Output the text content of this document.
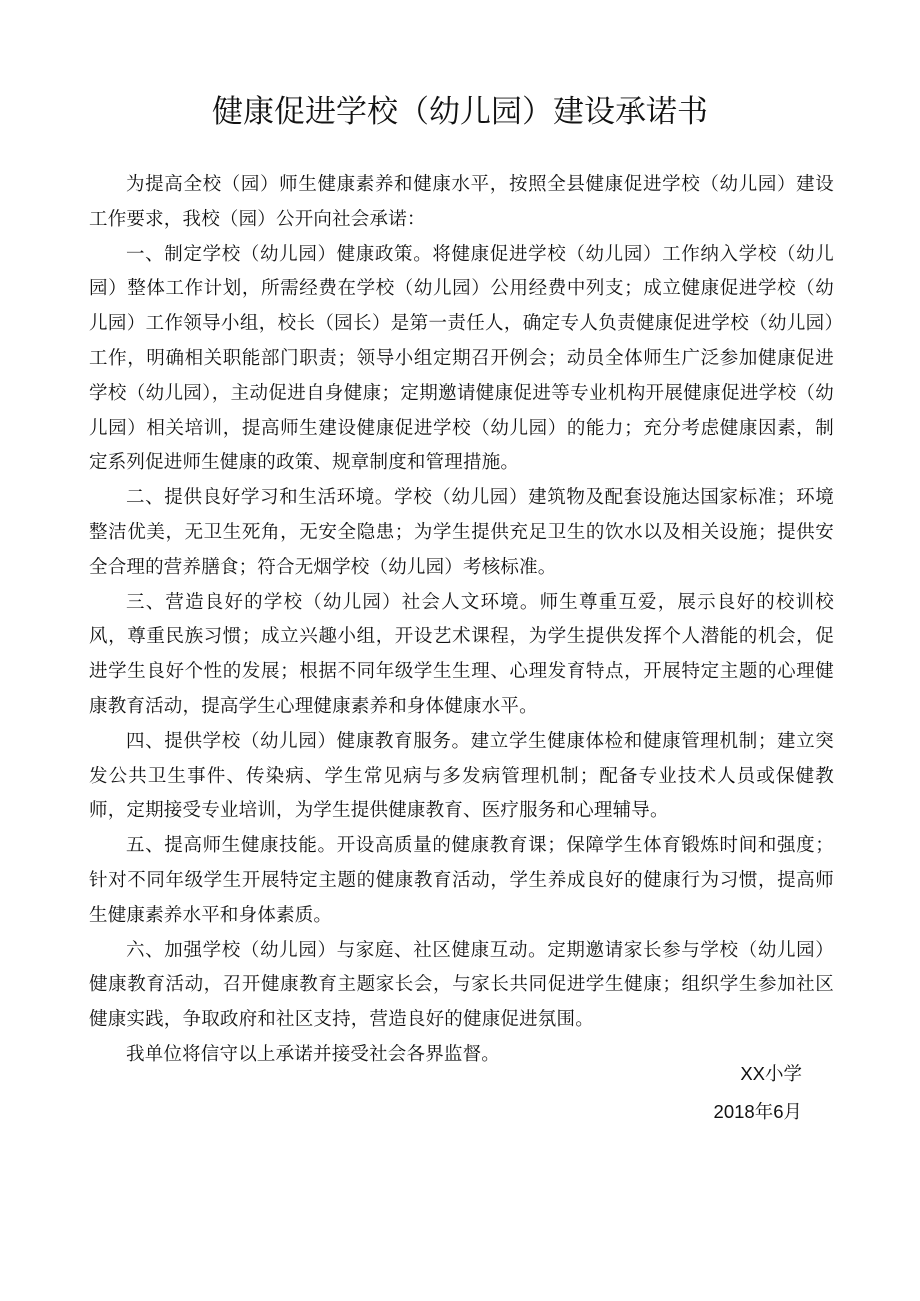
健康促进学校（幼儿园）建设承诺书

为提高全校（园）师生健康素养和健康水平，按照全县健康促进学校（幼儿园）建设工作要求，我校（园）公开向社会承诺：

一、制定学校（幼儿园）健康政策。将健康促进学校（幼儿园）工作纳入学校（幼儿园）整体工作计划，所需经费在学校（幼儿园）公用经费中列支；成立健康促进学校（幼儿园）工作领导小组，校长（园长）是第一责任人，确定专人负责健康促进学校（幼儿园）工作，明确相关职能部门职责；领导小组定期召开例会；动员全体师生广泛参加健康促进学校（幼儿园），主动促进自身健康；定期邀请健康促进等专业机构开展健康促进学校（幼儿园）相关培训，提高师生建设健康促进学校（幼儿园）的能力；充分考虑健康因素，制定系列促进师生健康的政策、规章制度和管理措施。

二、提供良好学习和生活环境。学校（幼儿园）建筑物及配套设施达国家标准；环境整洁优美，无卫生死角，无安全隐患；为学生提供充足卫生的饮水以及相关设施；提供安全合理的营养膳食；符合无烟学校（幼儿园）考核标准。

三、营造良好的学校（幼儿园）社会人文环境。师生尊重互爱，展示良好的校训校风，尊重民族习惯；成立兴趣小组，开设艺术课程，为学生提供发挥个人潜能的机会，促进学生良好个性的发展；根据不同年级学生生理、心理发育特点，开展特定主题的心理健康教育活动，提高学生心理健康素养和身体健康水平。

四、提供学校（幼儿园）健康教育服务。建立学生健康体检和健康管理机制；建立突发公共卫生事件、传染病、学生常见病与多发病管理机制；配备专业技术人员或保健教师，定期接受专业培训，为学生提供健康教育、医疗服务和心理辅导。

五、提高师生健康技能。开设高质量的健康教育课；保障学生体育锻炼时间和强度；针对不同年级学生开展特定主题的健康教育活动，学生养成良好的健康行为习惯，提高师生健康素养水平和身体素质。

六、加强学校（幼儿园）与家庭、社区健康互动。定期邀请家长参与学校（幼儿园）健康教育活动，召开健康教育主题家长会，与家长共同促进学生健康；组织学生参加社区健康实践，争取政府和社区支持，营造良好的健康促进氛围。

我单位将信守以上承诺并接受社会各界监督。

XX小学
2018年6月
